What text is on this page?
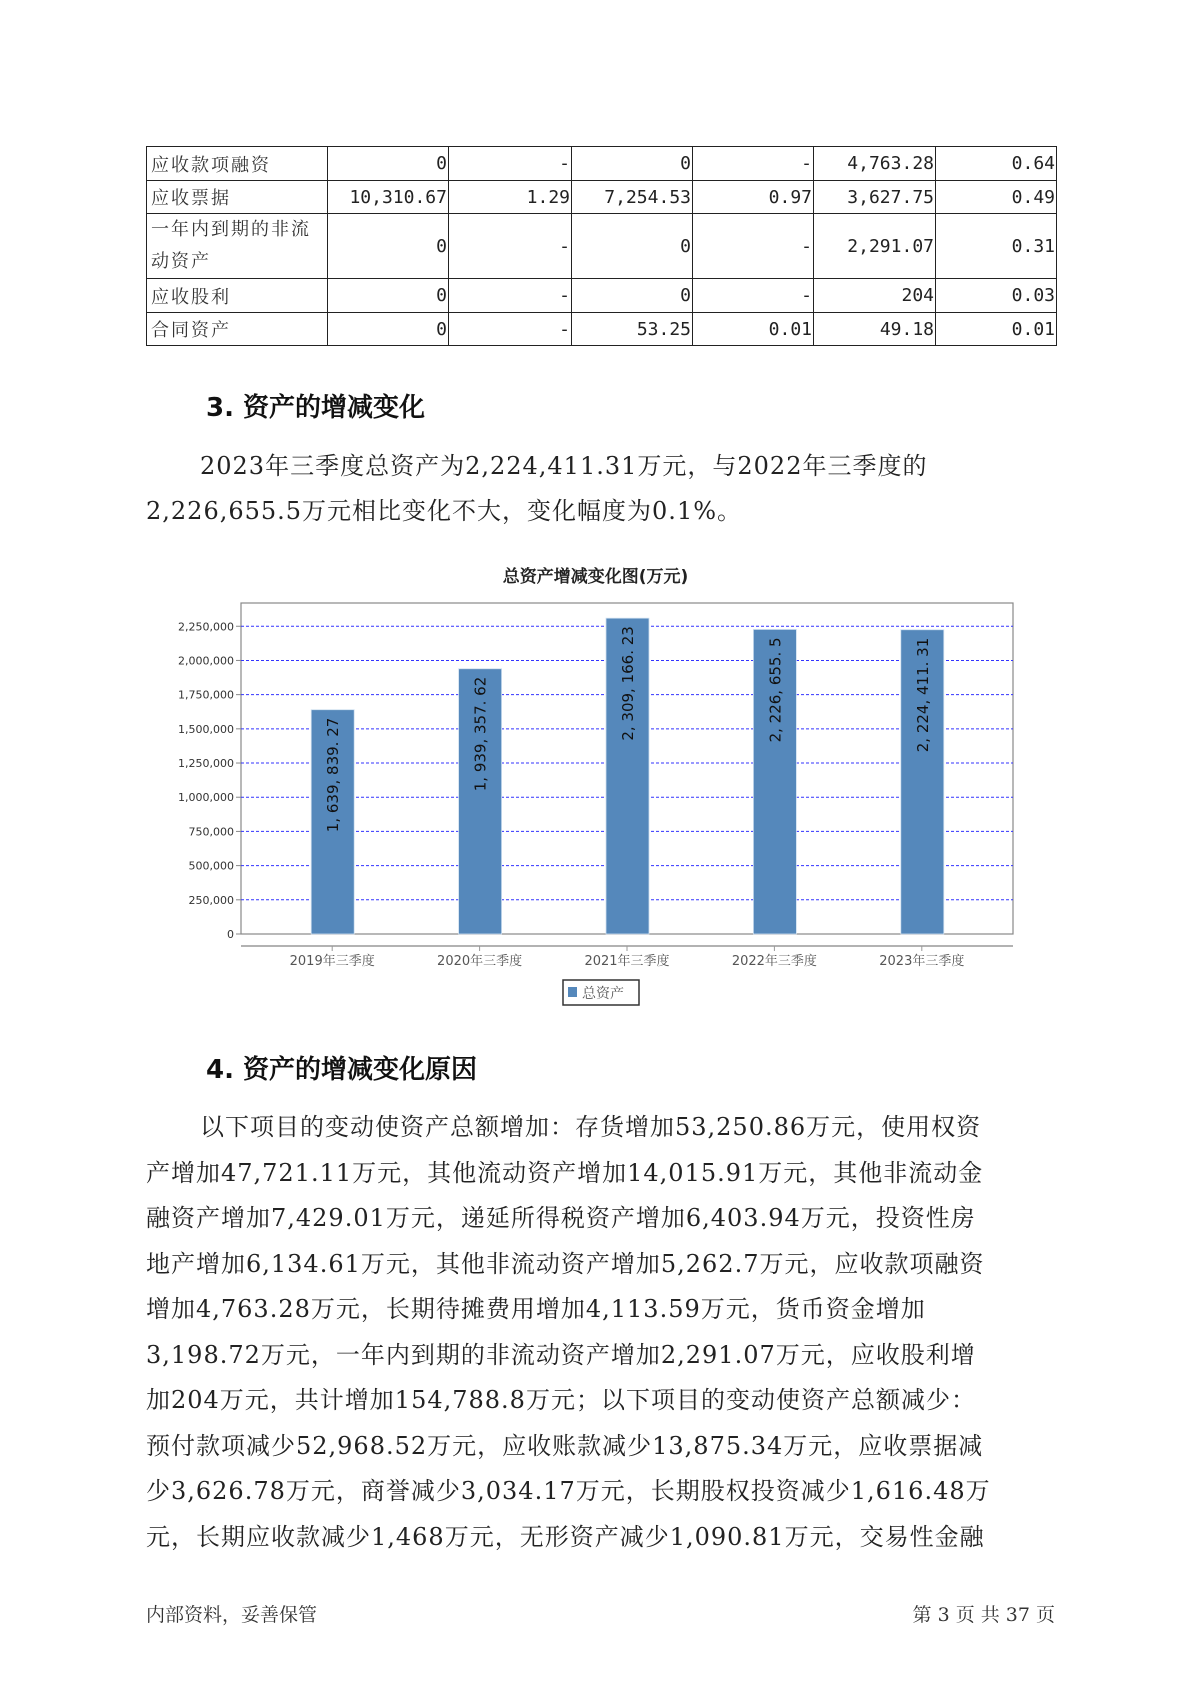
应收款项融资	0	-	0	-	4,763.28	0.64
应收票据	10,310.67	1.29	7,254.53	0.97	3,627.75	0.49
一年内到期的非流
动资产	0	-	0	-	2,291.07	0.31
应收股利	0	-	0	-	204	0.03
合同资产	0	-	53.25	0.01	49.18	0.01
3. 资产的增减变化
2023年三季度总资产为2,224,411.31万元，与2022年三季度的
2,226,655.5万元相比变化不大，变化幅度为0.1%。
总资产增减变化图(万元)
0
250,000
500,000
750,000
1,000,000
1,250,000
1,500,000
1,750,000
2,000,000
2,250,000
1, 639, 839. 27
2019年三季度
1, 939, 357. 62
2020年三季度
2, 309, 166. 23
2021年三季度
2, 226, 655. 5
2022年三季度
2, 224, 411. 31
2023年三季度
总资产
4. 资产的增减变化原因
以下项目的变动使资产总额增加：存货增加53,250.86万元，使用权资
产增加47,721.11万元，其他流动资产增加14,015.91万元，其他非流动金
融资产增加7,429.01万元，递延所得税资产增加6,403.94万元，投资性房
地产增加6,134.61万元，其他非流动资产增加5,262.7万元，应收款项融资
增加4,763.28万元，长期待摊费用增加4,113.59万元，货币资金增加
3,198.72万元，一年内到期的非流动资产增加2,291.07万元，应收股利增
加204万元，共计增加154,788.8万元；以下项目的变动使资产总额减少：
预付款项减少52,968.52万元，应收账款减少13,875.34万元，应收票据减
少3,626.78万元，商誉减少3,034.17万元，长期股权投资减少1,616.48万
元，长期应收款减少1,468万元，无形资产减少1,090.81万元，交易性金融
内部资料，妥善保管	第 3 页 共 37 页
